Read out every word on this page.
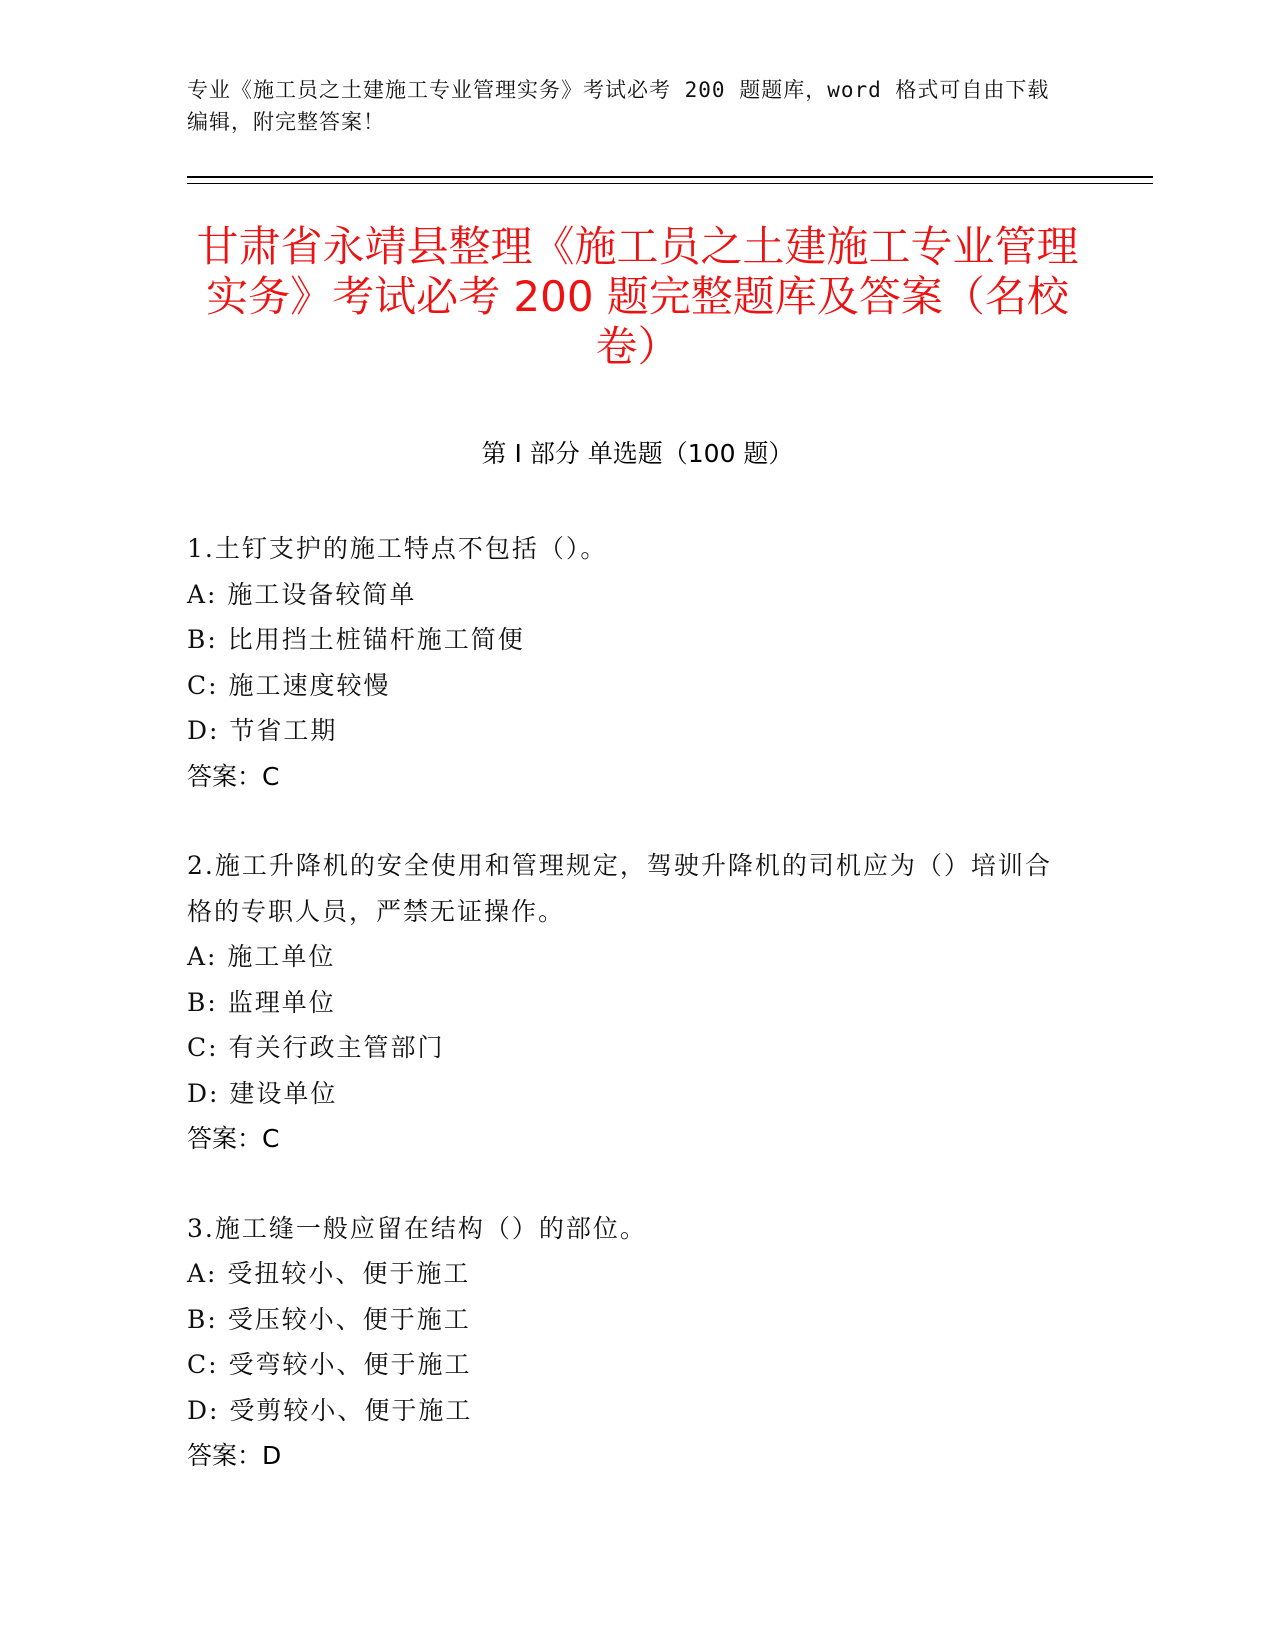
专业《施工员之土建施工专业管理实务》考试必考 200 题题库，word 格式可自由下载编辑，附完整答案！
甘肃省永靖县整理《施工员之土建施工专业管理实务》考试必考 200 题完整题库及答案（名校卷）
第 I 部分 单选题（100 题）
1.土钉支护的施工特点不包括（）。
A: 施工设备较简单
B: 比用挡土桩锚杆施工简便
C: 施工速度较慢
D: 节省工期
答案：C
2.施工升降机的安全使用和管理规定，驾驶升降机的司机应为（）培训合格的专职人员，严禁无证操作。
A: 施工单位
B: 监理单位
C: 有关行政主管部门
D: 建设单位
答案：C
3.施工缝一般应留在结构（）的部位。
A: 受扭较小、便于施工
B: 受压较小、便于施工
C: 受弯较小、便于施工
D: 受剪较小、便于施工
答案：D
